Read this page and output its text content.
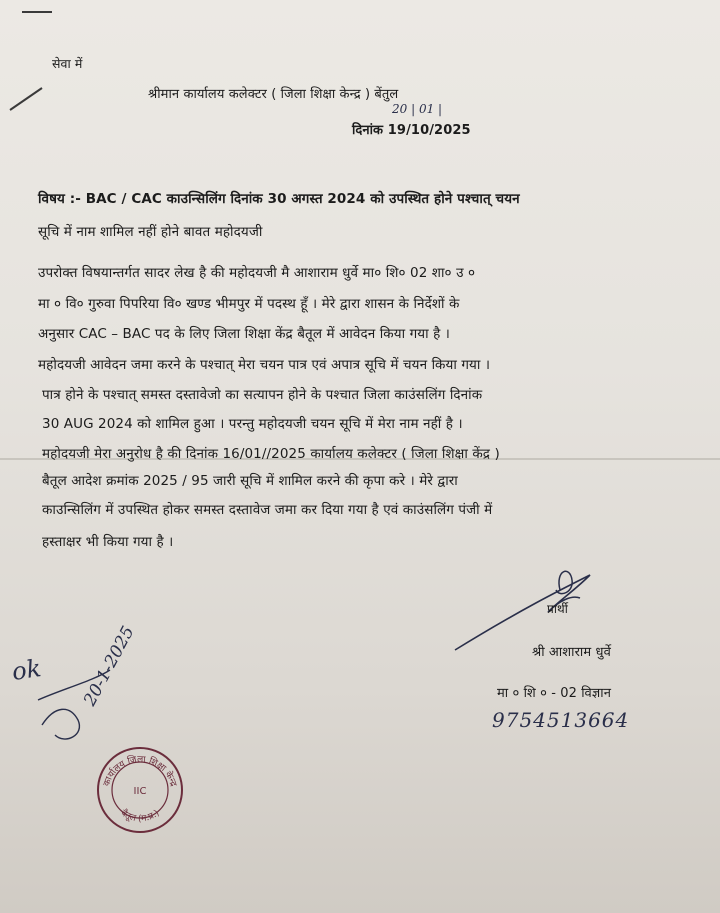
सेवा में
श्रीमान कार्यालय कलेक्टर ( जिला शिक्षा केन्द्र ) बेंतुल
20 | 01 |
दिनांक 19/10/2025
विषय :- BAC / CAC काउन्सिलिंग दिनांक 30 अगस्त 2024 को उपस्थित होने पश्चात् चयन
सूचि में नाम शामिल नहीं होने बावत महोदयजी
उपरोक्त विषयान्तर्गत सादर लेख है की महोदयजी मै आशाराम धुर्वे मा० शि० 02 शा० उ ०
मा ० वि० गुरुवा पिपरिया वि० खण्ड भीमपुर में पदस्थ हूँ । मेरे द्वारा शासन के निर्देशों के
अनुसार CAC – BAC पद के लिए जिला शिक्षा केंद्र बैतूल में आवेदन किया गया है ।
महोदयजी आवेदन जमा करने के पश्चात् मेरा चयन पात्र एवं अपात्र सूचि में चयन किया गया ।
पात्र होने के पश्चात् समस्त दस्तावेजो का सत्यापन होने के पश्चात जिला काउंसलिंग दिनांक
30 AUG 2024 को शामिल हुआ । परन्तु महोदयजी चयन सूचि में मेरा नाम नहीं है ।
महोदयजी मेरा अनुरोध है की दिनांक 16/01//2025 कार्यालय कलेक्टर ( जिला शिक्षा केंद्र )
बैतूल आदेश क्रमांक 2025 / 95 जारी सूचि में शामिल करने की कृपा करे । मेरे द्वारा
काउन्सिलिंग में उपस्थित होकर समस्त दस्तावेज जमा कर दिया गया है एवं काउंसलिंग पंजी में
हस्ताक्षर भी किया गया है ।
प्रार्थी
श्री आशाराम धुर्वे
मा ० शि ० - 02 विज्ञान
9754513664
ok 20-1-2025
कार्यालय जिला शिक्षा केन्द्र
बैतूल (म.प्र.)
IIC
